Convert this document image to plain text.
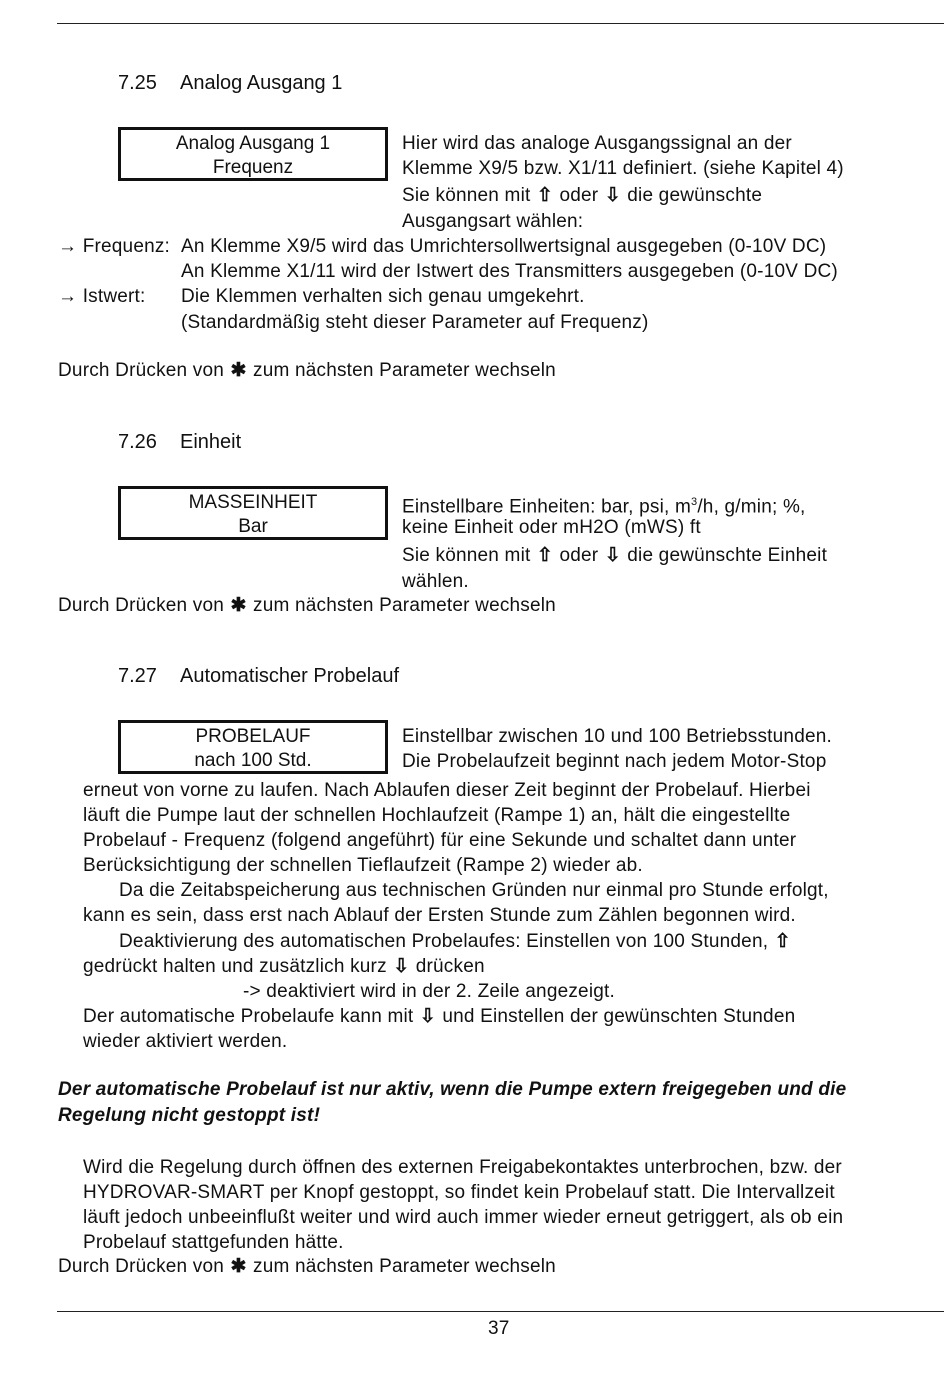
7.25 Analog Ausgang 1
Analog Ausgang 1
Frequenz
Hier wird das analoge Ausgangssignal an der
Klemme X9/5 bzw. X1/11 definiert. (siehe Kapitel 4)
Sie können mit ⇧ oder ⇩ die gewünschte
Ausgangsart wählen:
→ Frequenz: An Klemme X9/5 wird das Umrichtersollwertsignal ausgegeben (0-10V DC)
An Klemme X1/11 wird der Istwert des Transmitters ausgegeben (0-10V DC)
→ Istwert: Die Klemmen verhalten sich genau umgekehrt.
(Standardmäßig steht dieser Parameter auf Frequenz)
Durch Drücken von ✱ zum nächsten Parameter wechseln
7.26 Einheit
MASSEINHEIT
Bar
Einstellbare Einheiten: bar, psi, $m^3/h$, g/min; %,
keine Einheit oder mH2O (mWS) ft
Sie können mit ⇧ oder ⇩ die gewünschte Einheit
wählen.
Durch Drücken von ✱ zum nächsten Parameter wechseln
7.27 Automatischer Probelauf
PROBELAUF
nach 100 Std.
Einstellbar zwischen 10 und 100 Betriebsstunden.
Die Probelaufzeit beginnt nach jedem Motor-Stop
erneut von vorne zu laufen. Nach Ablaufen dieser Zeit beginnt der Probelauf. Hierbei
läuft die Pumpe laut der schnellen Hochlaufzeit (Rampe 1) an, hält die eingestellte
Probelauf - Frequenz (folgend angeführt) für eine Sekunde und schaltet dann unter
Berücksichtigung der schnellen Tieflaufzeit (Rampe 2) wieder ab.
Da die Zeitabspeicherung aus technischen Gründen nur einmal pro Stunde erfolgt,
kann es sein, dass erst nach Ablauf der Ersten Stunde zum Zählen begonnen wird.
Deaktivierung des automatischen Probelaufes: Einstellen von 100 Stunden, ⇧
gedrückt halten und zusätzlich kurz ⇩ drücken
-> deaktiviert wird in der 2. Zeile angezeigt.
Der automatische Probelaufe kann mit ⇩ und Einstellen der gewünschten Stunden
wieder aktiviert werden.
Der automatische Probelauf ist nur aktiv, wenn die Pumpe extern freigegeben und die
Regelung nicht gestoppt ist!
Wird die Regelung durch öffnen des externen Freigabekontaktes unterbrochen, bzw. der
HYDROVAR-SMART per Knopf gestoppt, so findet kein Probelauf statt. Die Intervallzeit
läuft jedoch unbeeinflußt weiter und wird auch immer wieder erneut getriggert, als ob ein
Probelauf stattgefunden hätte.
Durch Drücken von ✱ zum nächsten Parameter wechseln
37
